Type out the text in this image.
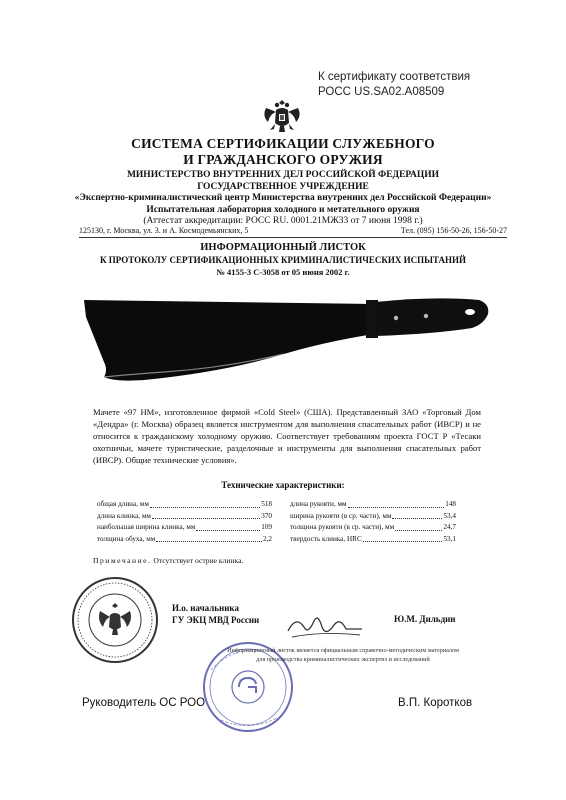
К сертификату соответствия
РОСС US.SA02.A08509
СИСТЕМА СЕРТИФИКАЦИИ СЛУЖЕБНОГО
И ГРАЖДАНСКОГО ОРУЖИЯ
МИНИСТЕРСТВО ВНУТРЕННИХ ДЕЛ РОССИЙСКОЙ ФЕДЕРАЦИИ
ГОСУДАРСТВЕННОЕ УЧРЕЖДЕНИЕ
«Экспертно-криминалистический центр Министерства внутренних дел Российской Федерации»
Испытательная лаборатория холодного и метательного оружия
(Аттестат аккредитации: РОСС RU. 0001.21МЖ33 от 7 июня 1998 г.)
125130, г. Москва, ул. 3. и А. Космодемьянских, 5	Тел. (095) 156-50-26, 156-50-27
ИНФОРМАЦИОННЫЙ ЛИСТОК
К ПРОТОКОЛУ СЕРТИФИКАЦИОННЫХ КРИМИНАЛИСТИЧЕСКИХ ИСПЫТАНИЙ
№ 4155-3 С-3058 от 05 июня 2002 г.
Мачете «97 НМ», изготовленное фирмой «Cold Steel» (США). Представленный ЗАО «Торговый Дом «Дендра» (г. Москва) образец является инструментом для выполнения спасательных работ (ИВСР) и не относится к гражданскому холодному оружию. Соответствует требованиям проекта ГОСТ Р «Тесаки охотничьи, мачете туристические, разделочные и инструменты для выполнения спасательных работ (ИВСР). Общие технические условия».
Технические характеристики:
общая длина, мм	518
длина клинка, мм	370
наибольшая ширина клинка, мм	109
толщина обуха, мм	2,2
длина рукояти, мм	148
ширина рукояти (в ср. части), мм	53,4
толщина рукояти (в ср. части), мм	24,7
твердость клинка, HRC	53,1
Примечание. Отсутствует острие клинка.
И.о. начальника
ГУ ЭКЦ МВД России	Ю.М. Дильдин
Информационный листок является официальным справочно-методическим материалом
для производства криминалистических экспертиз и исследований
Руководитель ОС РОО	В.П. Коротков
